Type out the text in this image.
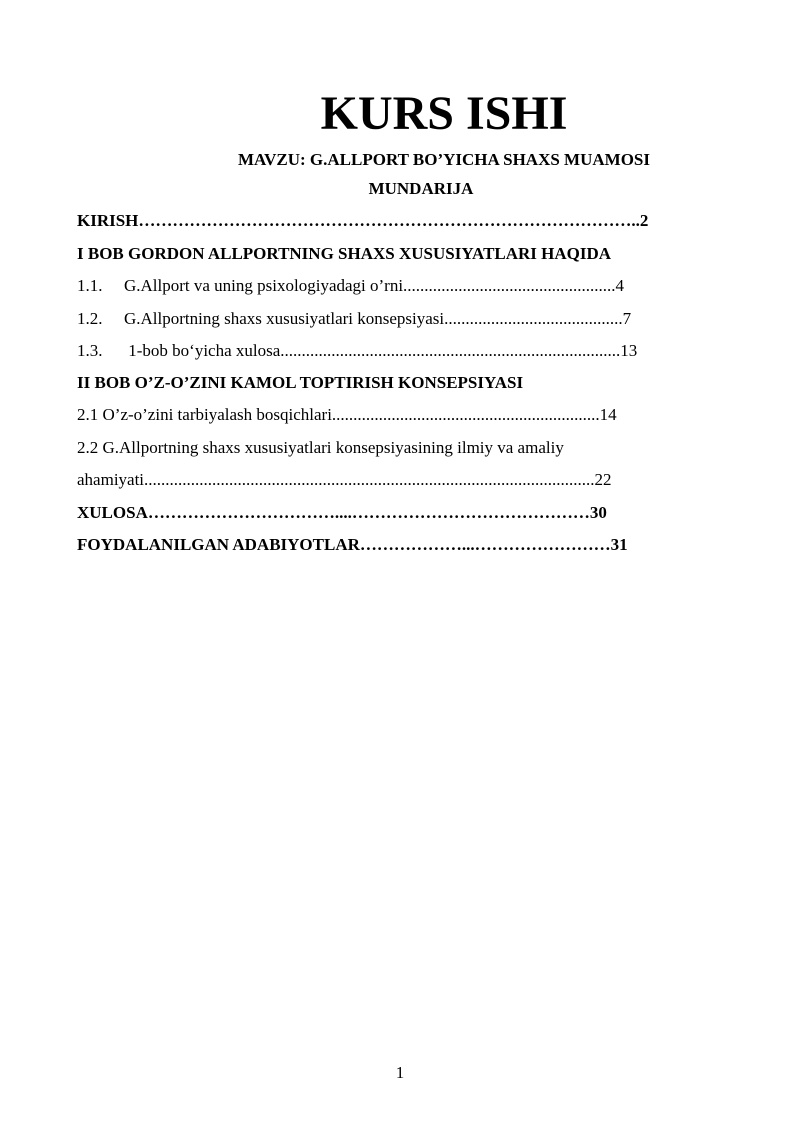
KURS ISHI
MAVZU: G.ALLPORT BO’YICHA SHAXS MUAMOSI
MUNDARIJA
KIRISH……………………………………………………………………………..2
I BOB GORDON ALLPORTNING SHAXS XUSUSIYATLARI HAQIDA
1.1. G.Allport va uning psixologiyadagi o’rni..................................................4
1.2. G.Allportning shaxs xususiyatlari konsepsiyasi..........................................7
1.3. 1-bob bo‘yicha xulosa................................................................................13
II BOB O’Z-O’ZINI KAMOL TOPTIRISH KONSEPSIYASI
2.1 O’z-o’zini tarbiyalash bosqichlari...............................................................14
2.2 G.Allportning shaxs xususiyatlari konsepsiyasining ilmiy va amaliy
ahamiyati..........................................................................................................22
XULOSA……………………………....……………………………………30
FOYDALANILGAN ADABIYOTLAR………………...……………………31
1
